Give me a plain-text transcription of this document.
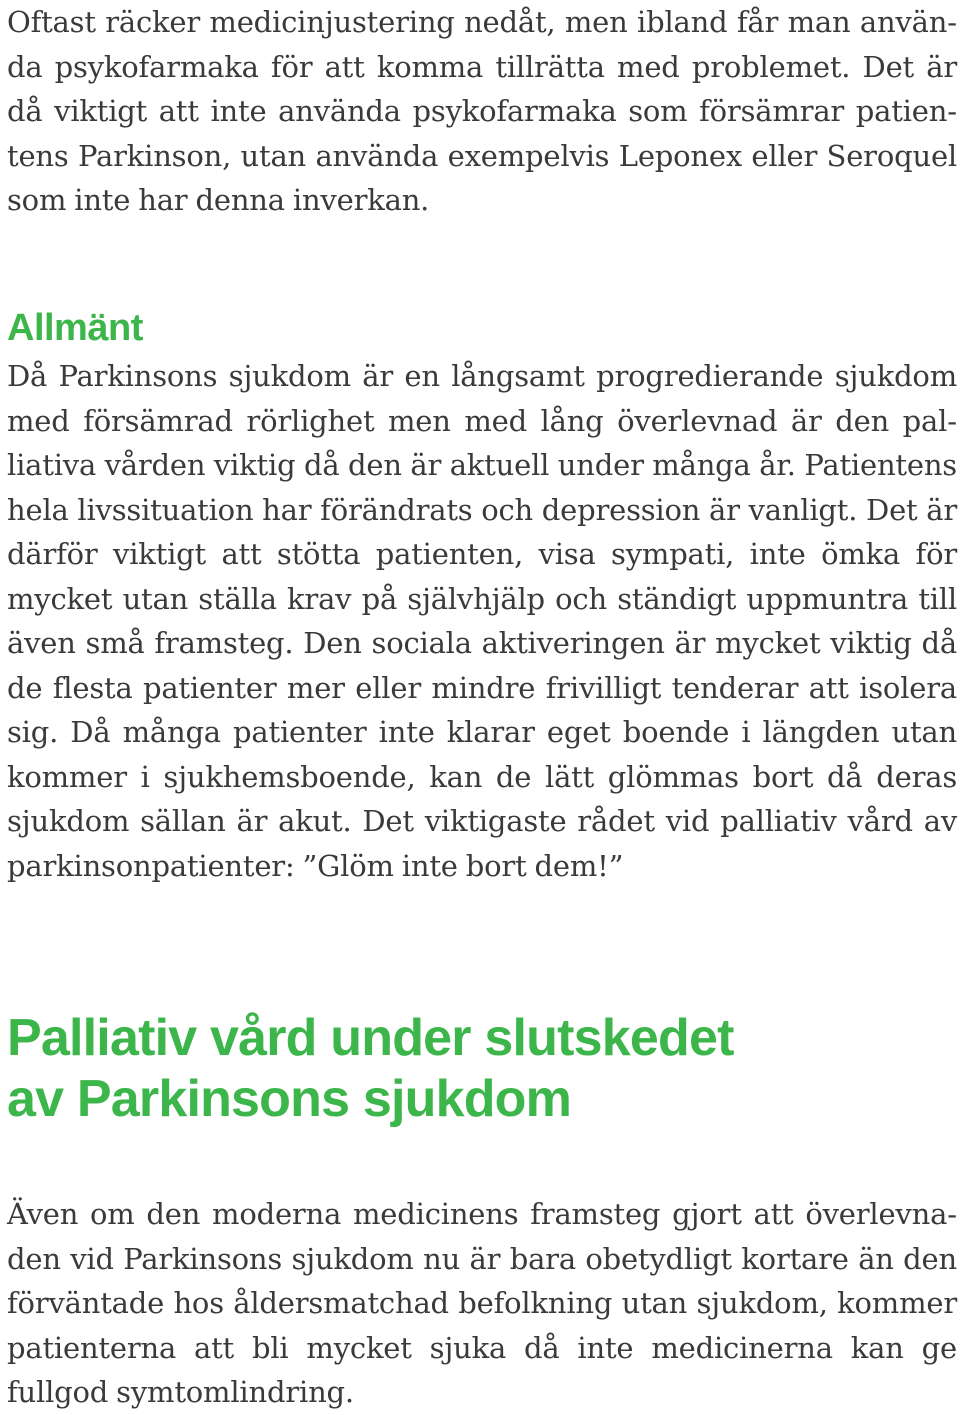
Oftast räcker medicinjustering nedåt, men ibland får man använda psykofarmaka för att komma tillrätta med problemet. Det är då viktigt att inte använda psykofarmaka som försämrar patientens Parkinson, utan använda exempelvis Leponex eller Seroquel som inte har denna inverkan.

Allmänt

Då Parkinsons sjukdom är en långsamt progredierande sjukdom med försämrad rörlighet men med lång överlevnad är den palliativa vården viktig då den är aktuell under många år. Patientens hela livssituation har förändrats och depression är vanligt. Det är därför viktigt att stötta patienten, visa sympati, inte ömka för mycket utan ställa krav på självhjälp och ständigt uppmuntra till även små framsteg. Den sociala aktiveringen är mycket viktig då de flesta patienter mer eller mindre frivilligt tenderar att isolera sig. Då många patienter inte klarar eget boende i längden utan kommer i sjukhemsboende, kan de lätt glömmas bort då deras sjukdom sällan är akut. Det viktigaste rådet vid palliativ vård av parkinsonpatienter: ”Glöm inte bort dem!”

Palliativ vård under slutskedet
av Parkinsons sjukdom

Även om den moderna medicinens framsteg gjort att överlevnaden vid Parkinsons sjukdom nu är bara obetydligt kortare än den förväntade hos åldersmatchad befolkning utan sjukdom, kommer patienterna att bli mycket sjuka då inte medicinerna kan ge fullgod symtomlindring.
